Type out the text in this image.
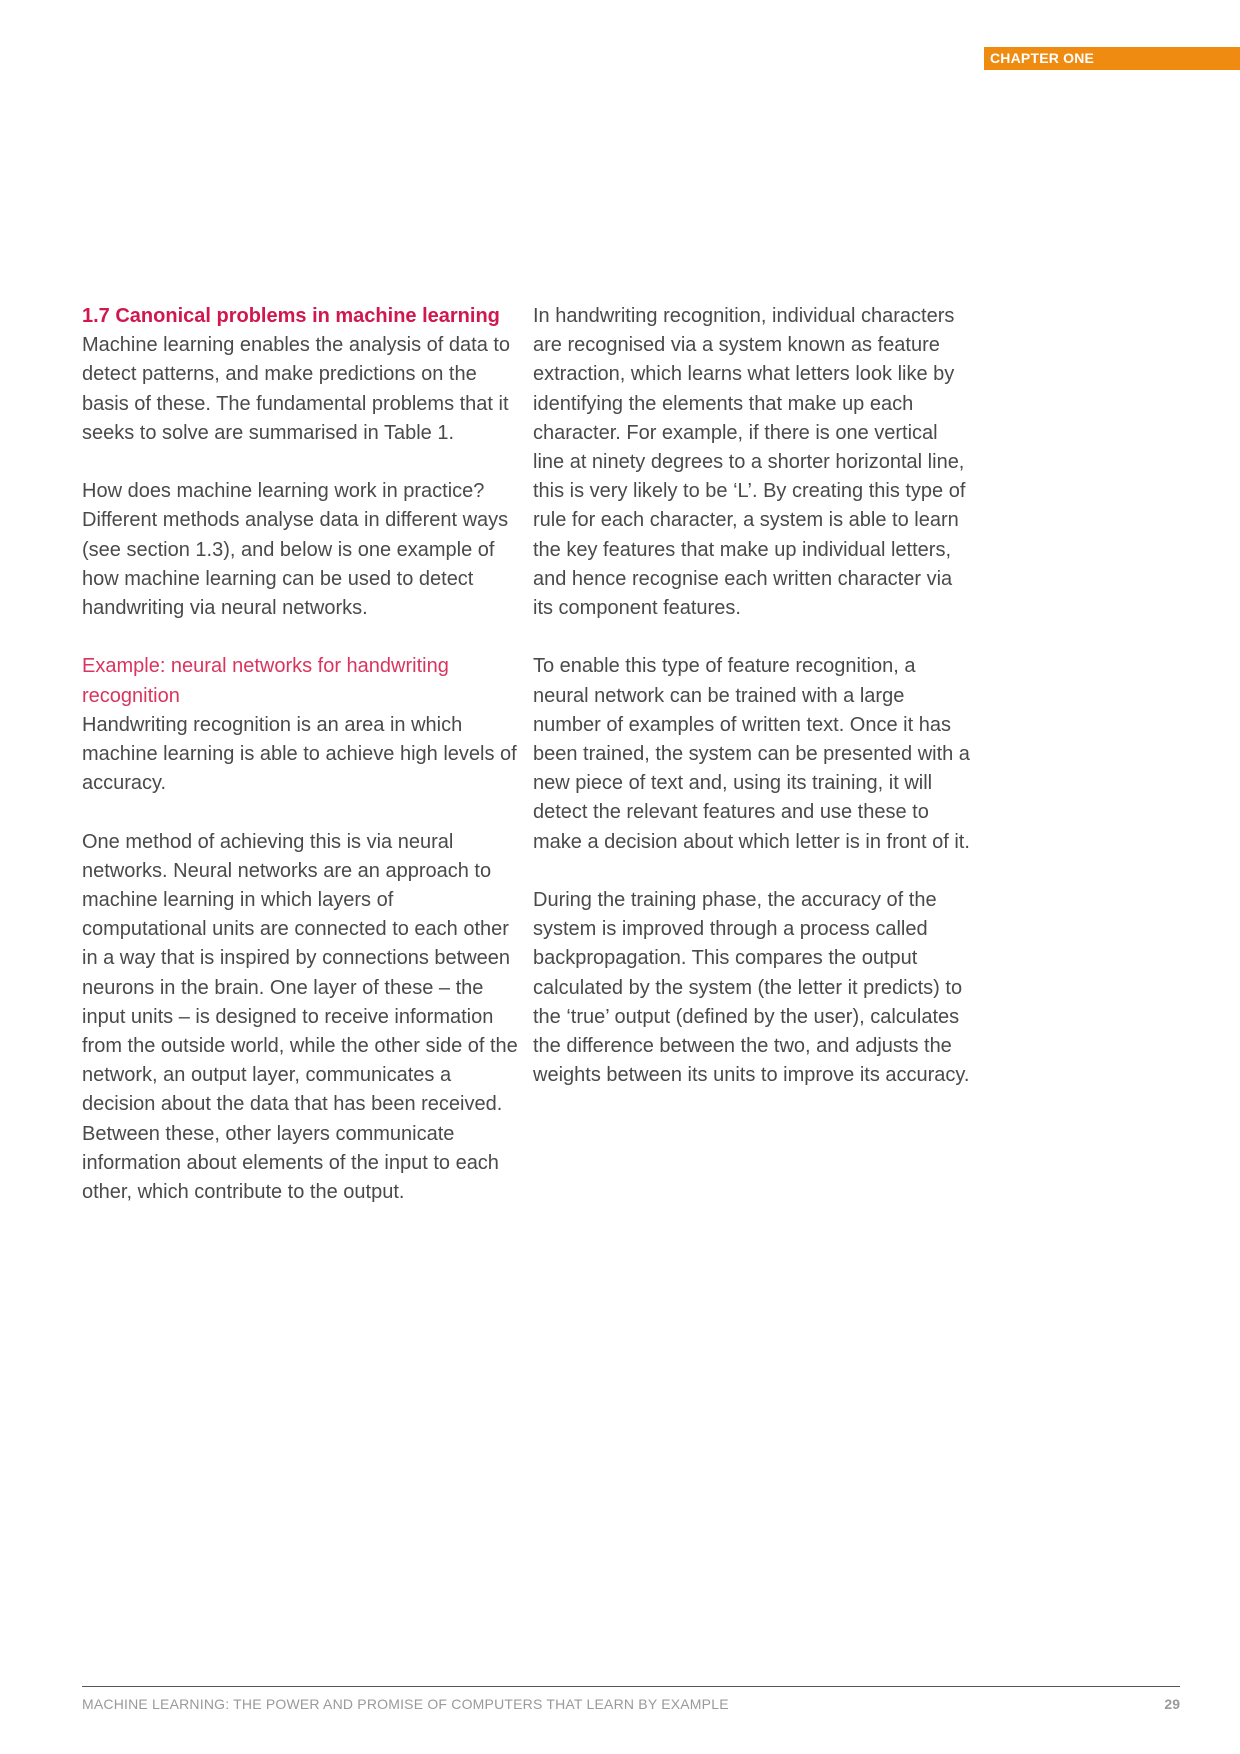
CHAPTER ONE

1.7 Canonical problems in machine learning
Machine learning enables the analysis of data to detect patterns, and make predictions on the basis of these. The fundamental problems that it seeks to solve are summarised in Table 1.

How does machine learning work in practice? Different methods analyse data in different ways (see section 1.3), and below is one example of how machine learning can be used to detect handwriting via neural networks.

Example: neural networks for handwriting recognition
Handwriting recognition is an area in which machine learning is able to achieve high levels of accuracy.

One method of achieving this is via neural networks. Neural networks are an approach to machine learning in which layers of computational units are connected to each other in a way that is inspired by connections between neurons in the brain. One layer of these – the input units – is designed to receive information from the outside world, while the other side of the network, an output layer, communicates a decision about the data that has been received. Between these, other layers communicate information about elements of the input to each other, which contribute to the output.

In handwriting recognition, individual characters are recognised via a system known as feature extraction, which learns what letters look like by identifying the elements that make up each character. For example, if there is one vertical line at ninety degrees to a shorter horizontal line, this is very likely to be ‘L’. By creating this type of rule for each character, a system is able to learn the key features that make up individual letters, and hence recognise each written character via its component features.

To enable this type of feature recognition, a neural network can be trained with a large number of examples of written text. Once it has been trained, the system can be presented with a new piece of text and, using its training, it will detect the relevant features and use these to make a decision about which letter is in front of it.

During the training phase, the accuracy of the system is improved through a process called backpropagation. This compares the output calculated by the system (the letter it predicts) to the ‘true’ output (defined by the user), calculates the difference between the two, and adjusts the weights between its units to improve its accuracy.

MACHINE LEARNING: THE POWER AND PROMISE OF COMPUTERS THAT LEARN BY EXAMPLE	29
